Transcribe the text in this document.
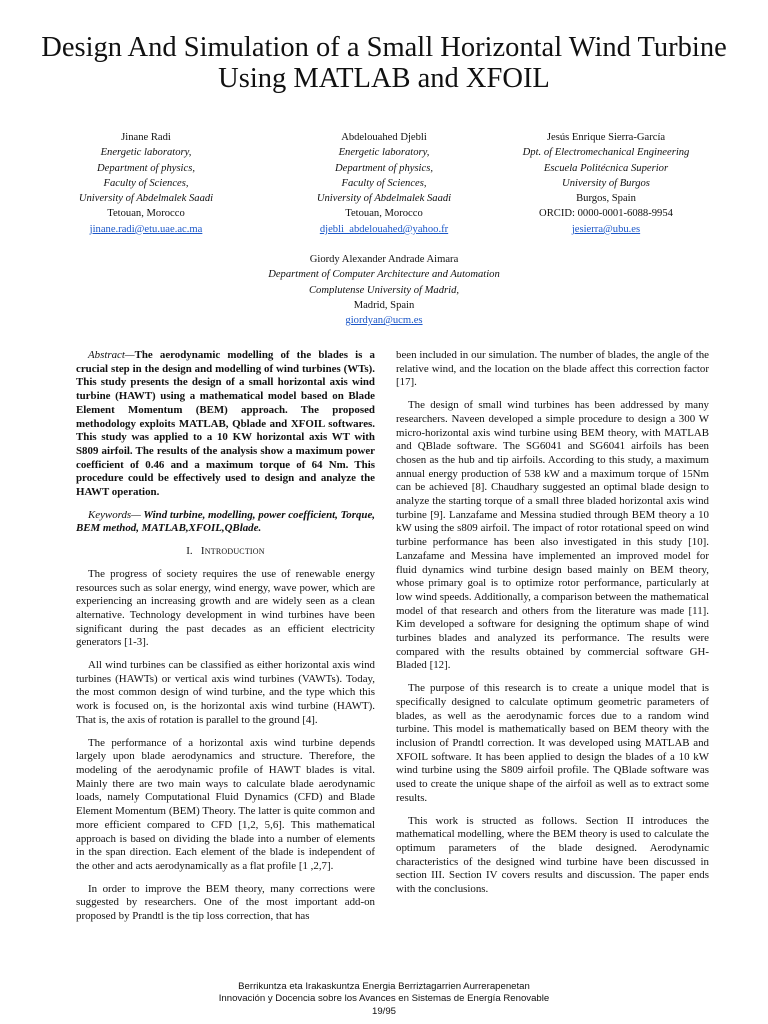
Design And Simulation of a Small Horizontal Wind Turbine Using MATLAB and XFOIL
Jinane Radi
Energetic laboratory,
Department of physics,
Faculty of Sciences,
University of Abdelmalek Saadi
Tetouan, Morocco
jinane.radi@etu.uae.ac.ma
Abdelouahed Djebli
Energetic laboratory,
Department of physics,
Faculty of Sciences,
University of Abdelmalek Saadi
Tetouan, Morocco
djebli_abdelouahed@yahoo.fr
Jesús Enrique Sierra-García
Dpt. of Electromechanical Engineering
Escuela Politécnica Superior
University of Burgos
Burgos, Spain
ORCID: 0000-0001-6088-9954
jesierra@ubu.es
Giordy Alexander Andrade Aimara
Department of Computer Architecture and Automation
Complutense University of Madrid,
Madrid, Spain
giordyan@ucm.es

Abstract—The aerodynamic modelling of the blades is a crucial step in the design and modelling of wind turbines (WTs). This study presents the design of a small horizontal axis wind turbine (HAWT) using a mathematical model based on Blade Element Momentum (BEM) approach. The proposed methodology exploits MATLAB, Qblade and XFOIL softwares. This study was applied to a 10 KW horizontal axis WT with S809 airfoil. The results of the analysis show a maximum power coefficient of 0.46 and a maximum torque of 64 Nm. This procedure could be effectively used to design and analyze the HAWT operation.

Keywords— Wind turbine, modelling, power coefficient, Torque, BEM method, MATLAB,XFOIL,QBlade.

I. Introduction

The progress of society requires the use of renewable energy resources such as solar energy, wind energy, wave power, which are experiencing an increasing growth and are widely seen as a clean alternative. Technology development in wind turbines have been significant during the past decades as an efficient electricity generators [1-3].

All wind turbines can be classified as either horizontal axis wind turbines (HAWTs) or vertical axis wind turbines (VAWTs). Today, the most common design of wind turbine, and the type which this work is focused on, is the horizontal axis wind turbine (HAWT). That is, the axis of rotation is parallel to the ground [4].

The performance of a horizontal axis wind turbine depends largely upon blade aerodynamics and structure. Therefore, the modeling of the aerodynamic profile of HAWT blades is vital. Mainly there are two main ways to calculate blade aerodynamic loads, namely Computational Fluid Dynamics (CFD) and Blade Element Momentum (BEM) Theory. The latter is quite common and more efficient compared to CFD [1,2, 5,6]. This mathematical approach is based on dividing the blade into a number of elements in the span direction. Each element of the blade is independent of the other and acts aerodynamically as a flat profile [1 ,2,7].

In order to improve the BEM theory, many corrections were suggested by researchers. One of the most important add-on proposed by Prandtl is the tip loss correction, that has

been included in our simulation. The number of blades, the angle of the relative wind, and the location on the blade affect this correction factor [17].

The design of small wind turbines has been addressed by many researchers. Naveen developed a simple procedure to design a 300 W micro-horizontal axis wind turbine using BEM theory, with MATLAB and QBlade software. The SG6041 and SG6041 airfoils has been chosen as the hub and tip airfoils. According to this study, a maximum annual energy production of 538 kW and a maximum torque of 15Nm can be achieved [8]. Chaudhary suggested an optimal blade design to analyze the starting torque of a small three bladed horizontal axis wind turbine [9]. Lanzafame and Messina studied through BEM theory a 10 kW using the s809 airfoil. The impact of rotor rotational speed on wind turbine performance has been also investigated in this study [10]. Lanzafame and Messina have implemented an improved model for fluid dynamics wind turbine design based mainly on BEM theory, whose primary goal is to optimize rotor performance, particularly at low wind speeds. Additionally, a comparison between the mathematical model of that research and others from the literature was made [11]. Kim developed a software for designing the optimum shape of wind turbines blades and analyzed its performance. The results were compared with the results obtained by commercial software GH-Bladed [12].

The purpose of this research is to create a unique model that is specifically designed to calculate optimum geometric parameters of blades, as well as the aerodynamic forces due to a random wind turbine. This model is mathematically based on BEM theory with the inclusion of Prandtl correction. It was developed using MATLAB and XFOIL software. It has been applied to design the blades of a 10 kW wind turbine using the S809 airfoil profile. The QBlade software was used to create the unique shape of the airfoil as well as to extract some results.

This work is structed as follows. Section II introduces the mathematical modelling, where the BEM theory is used to calculate the optimum parameters of the blade designed. Aerodynamic characteristics of the designed wind turbine have been discussed in section III. Section IV covers results and discussion. The paper ends with the conclusions.

Berrikuntza eta Irakaskuntza Energia Berriztagarrien Aurrerapenetan
Innovación y Docencia sobre los Avances en Sistemas de Energía Renovable
19/95
